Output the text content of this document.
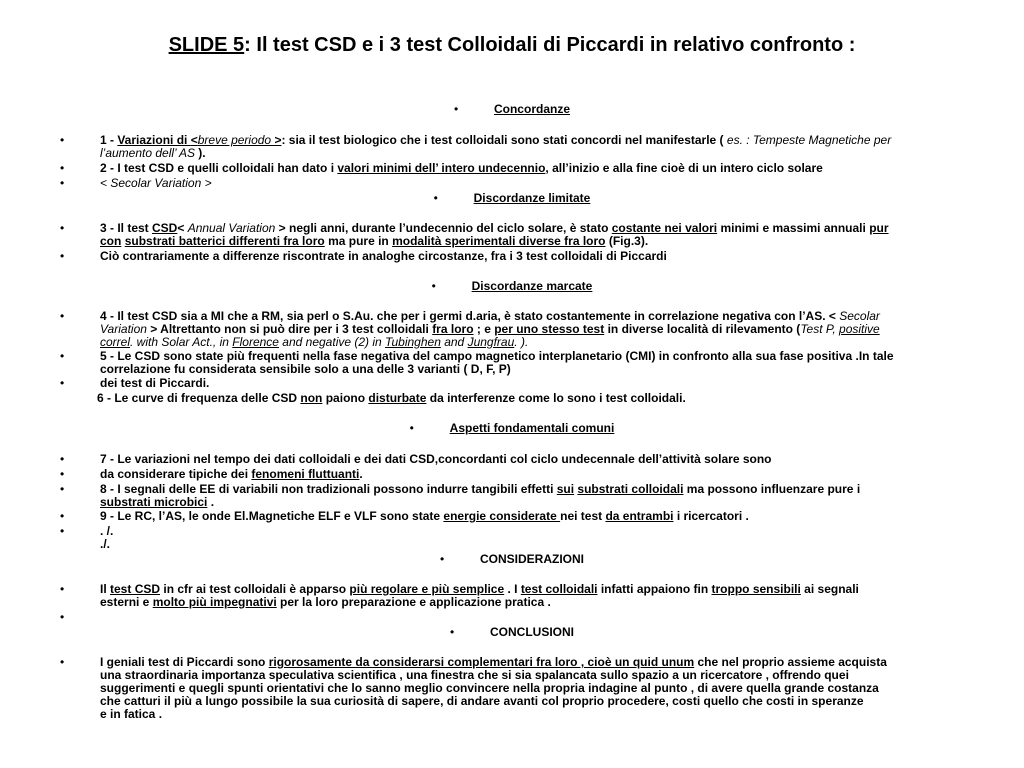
SLIDE 5: Il test CSD e i 3 test Colloidali di Piccardi in relativo confronto :
•	Concordanze
•	1 - Variazioni di <breve periodo >: sia il test biologico che i test colloidali sono stati concordi nel manifestarle ( es. : Tempeste Magnetiche per
l’aumento dell’ AS ).
•	2 - I test CSD e quelli colloidali han dato i valori minimi dell’ intero undecennio, all’inizio e alla fine cioè di un intero ciclo solare
•	< Secolar Variation >
•	Discordanze limitate
•	3 - Il test CSD< Annual Variation > negli anni, durante l’undecennio del ciclo solare, è stato costante nei valori minimi e massimi annuali pur
con substrati batterici differenti fra loro ma pure in modalità sperimentali diverse fra loro (Fig.3).
•	Ciò contrariamente a differenze riscontrate in analoghe circostanze, fra i 3 test colloidali di Piccardi
•	Discordanze marcate
•	4 - Il test CSD sia a MI che a RM, sia perl o S.Au. che per i germi d.aria, è stato costantemente in correlazione negativa con l’AS. < Secolar
Variation > Altrettanto non si può dire per i 3 test colloidali fra loro ; e per uno stesso test in diverse località di rilevamento (Test P, positive
correl. with Solar Act., in Florence and negative (2) in Tubinghen and Jungfrau. ).
•	5 - Le CSD sono state più frequenti nella fase negativa del campo magnetico interplanetario (CMI) in confronto alla sua fase positiva .In tale
correlazione fu considerata sensibile solo a una delle 3 varianti ( D, F, P)
•	dei test di Piccardi.
6 - Le curve di frequenza delle CSD non paiono disturbate da interferenze come lo sono i test colloidali.
•	Aspetti fondamentali comuni
•	7 - Le variazioni nel tempo dei dati colloidali e dei dati CSD,concordanti col ciclo undecennale dell’attività solare sono
•	da considerare tipiche dei fenomeni fluttuanti.
•	8 - I segnali delle EE di variabili non tradizionali possono indurre tangibili effetti sui substrati colloidali ma possono influenzare pure i
substrati microbici .
•	9 - Le RC, l’AS, le onde El.Magnetiche ELF e VLF sono state energie considerate nei test da entrambi i ricercatori .
•	. /.
./.
•	CONSIDERAZIONI
•	Il test CSD in cfr ai test colloidali è apparso più regolare e più semplice . I test colloidali infatti appaiono fin troppo sensibili ai segnali
esterni e molto più impegnativi per la loro preparazione e applicazione pratica .
•
•	CONCLUSIONI
•	I geniali test di Piccardi sono rigorosamente da considerarsi complementari fra loro , cioè un quid unum che nel proprio assieme acquista
una straordinaria importanza speculativa scientifica , una finestra che si sia spalancata sullo spazio a un ricercatore , offrendo quei
suggerimenti e quegli spunti orientativi che lo sanno meglio convincere nella propria indagine al punto , di avere quella grande costanza
che catturi il più a lungo possibile la sua curiosità di sapere, di andare avanti col proprio procedere, costi quello che costi in speranze
e in fatica .
